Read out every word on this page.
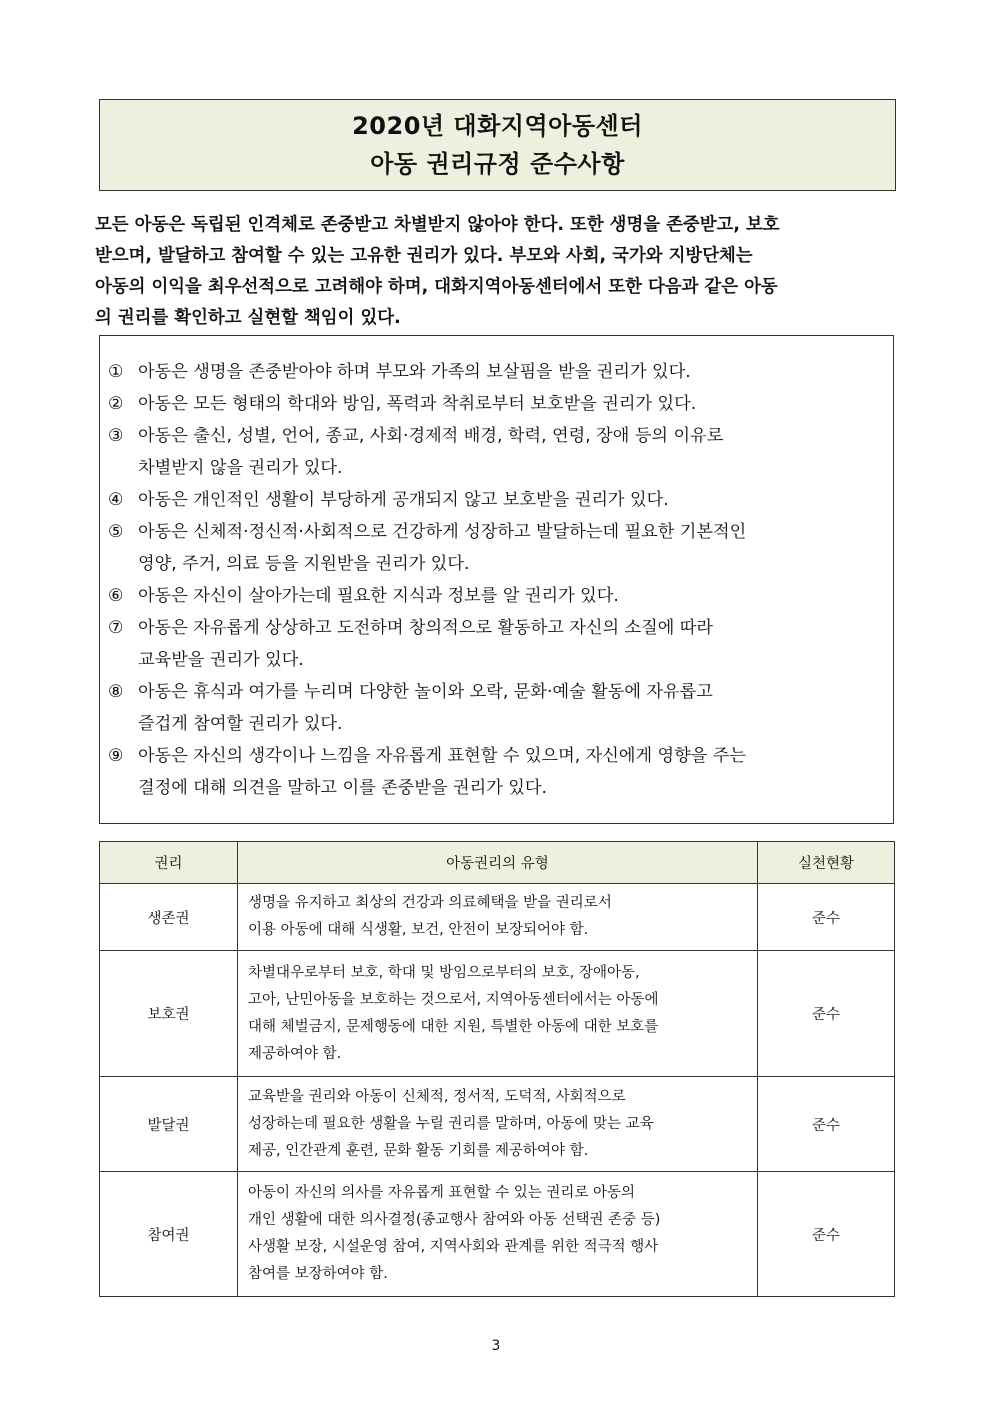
2020년 대화지역아동센터
아동 권리규정 준수사항
모든 아동은 독립된 인격체로 존중받고 차별받지 않아야 한다. 또한 생명을 존중받고, 보호
받으며, 발달하고 참여할 수 있는 고유한 권리가 있다. 부모와 사회, 국가와 지방단체는
아동의 이익을 최우선적으로 고려해야 하며, 대화지역아동센터에서 또한 다음과 같은 아동
의 권리를 확인하고 실현할 책임이 있다.
① 아동은 생명을 존중받아야 하며 부모와 가족의 보살핌을 받을 권리가 있다.
② 아동은 모든 형태의 학대와 방임, 폭력과 착취로부터 보호받을 권리가 있다.
③ 아동은 출신, 성별, 언어, 종교, 사회·경제적 배경, 학력, 연령, 장애 등의 이유로
차별받지 않을 권리가 있다.
④ 아동은 개인적인 생활이 부당하게 공개되지 않고 보호받을 권리가 있다.
⑤ 아동은 신체적·정신적·사회적으로 건강하게 성장하고 발달하는데 필요한 기본적인
영양, 주거, 의료 등을 지원받을 권리가 있다.
⑥ 아동은 자신이 살아가는데 필요한 지식과 정보를 알 권리가 있다.
⑦ 아동은 자유롭게 상상하고 도전하며 창의적으로 활동하고 자신의 소질에 따라
교육받을 권리가 있다.
⑧ 아동은 휴식과 여가를 누리며 다양한 놀이와 오락, 문화·예술 활동에 자유롭고
즐겁게 참여할 권리가 있다.
⑨ 아동은 자신의 생각이나 느낌을 자유롭게 표현할 수 있으며, 자신에게 영향을 주는
결정에 대해 의견을 말하고 이를 존중받을 권리가 있다.
권리	아동권리의 유형	실천현황
생존권	생명을 유지하고 최상의 건강과 의료혜택을 받을 권리로서
이용 아동에 대해 식생활, 보건, 안전이 보장되어야 함.	준수
보호권	차별대우로부터 보호, 학대 및 방임으로부터의 보호, 장애아동,
고아, 난민아동을 보호하는 것으로서, 지역아동센터에서는 아동에
대해 체벌금지, 문제행동에 대한 지원, 특별한 아동에 대한 보호를
제공하여야 함.	준수
발달권	교육받을 권리와 아동이 신체적, 정서적, 도덕적, 사회적으로
성장하는데 필요한 생활을 누릴 권리를 말하며, 아동에 맞는 교육
제공, 인간관계 훈련, 문화 활동 기회를 제공하여야 함.	준수
참여권	아동이 자신의 의사를 자유롭게 표현할 수 있는 권리로 아동의
개인 생활에 대한 의사결정(종교행사 참여와 아동 선택권 존중 등)
사생활 보장, 시설운영 참여, 지역사회와 관계를 위한 적극적 행사
참여를 보장하여야 함.	준수
3
